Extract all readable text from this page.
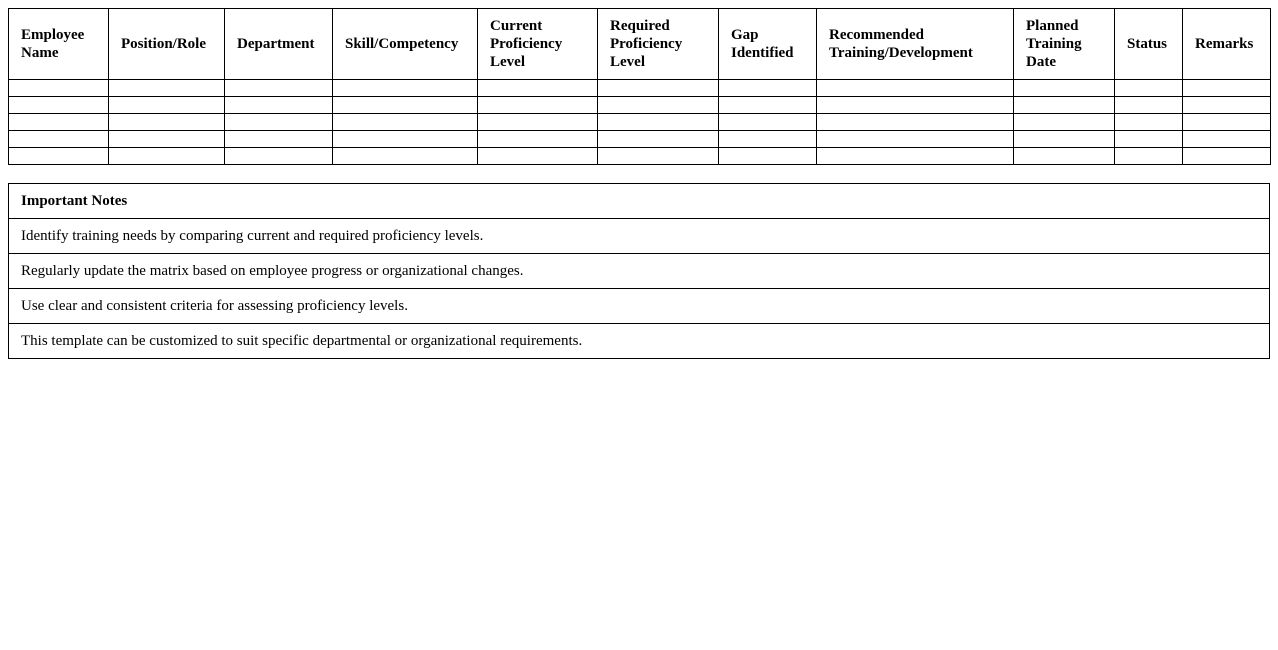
Employee Name	Position/Role	Department	Skill/Competency	Current Proficiency Level	Required Proficiency Level	Gap Identified	Recommended Training/Development	Planned Training Date	Status	Remarks

Important Notes
Identify training needs by comparing current and required proficiency levels.
Regularly update the matrix based on employee progress or organizational changes.
Use clear and consistent criteria for assessing proficiency levels.
This template can be customized to suit specific departmental or organizational requirements.
